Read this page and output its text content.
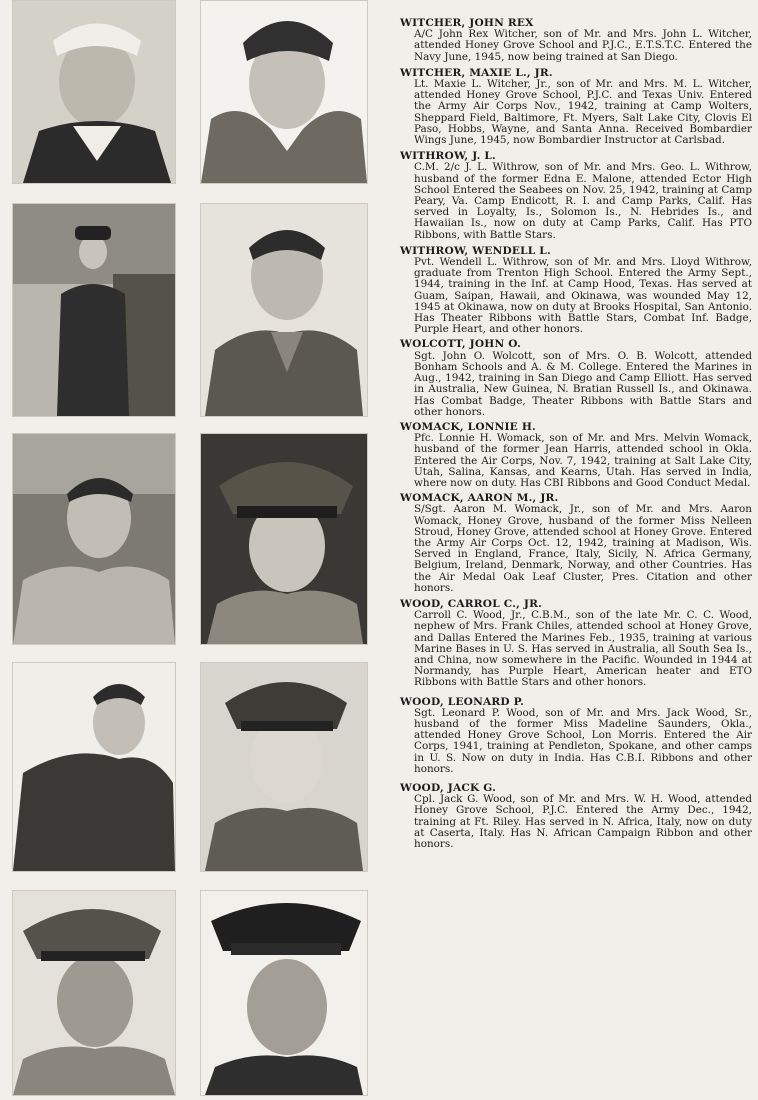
WITCHER, JOHN REX
A/C John Rex Witcher, son of Mr. and Mrs. John L. Witcher, attended Honey Grove School and P.J.C., E.T.S.T.C. Entered the Navy June, 1945, now being trained at San Diego.
WITCHER, MAXIE L., JR.
Lt. Maxie L. Witcher, Jr., son of Mr. and Mrs. M. L. Witcher, attended Honey Grove School, P.J.C. and Texas Univ. Entered the Army Air Corps Nov., 1942, training at Camp Wolters, Sheppard Field, Baltimore, Ft. Myers, Salt Lake City, Clovis El Paso, Hobbs, Wayne, and Santa Anna. Received Bombardier Wings June, 1945, now Bombardier Instructor at Carlsbad.
WITHROW, J. L.
C.M. 2/c J. L. Withrow, son of Mr. and Mrs. Geo. L. Withrow, husband of the former Edna E. Malone, attended Ector High School Entered the Seabees on Nov. 25, 1942, training at Camp Peary, Va. Camp Endicott, R. I. and Camp Parks, Calif. Has served in Loyalty, Is., Solomon Is., N. Hebrides Is., and Hawaiian Is., now on duty at Camp Parks, Calif. Has PTO Ribbons, with Battle Stars.
WITHROW, WENDELL L.
Pvt. Wendell L. Withrow, son of Mr. and Mrs. Lloyd Withrow, graduate from Trenton High School. Entered the Army Sept., 1944, training in the Inf. at Camp Hood, Texas. Has served at Guam, Saipan, Hawaii, and Okinawa, was wounded May 12, 1945 at Okinawa, now on duty at Brooks Hospital, San Antonio. Has Theater Ribbons with Battle Stars, Combat Inf. Badge, Purple Heart, and other honors.
WOLCOTT, JOHN O.
Sgt. John O. Wolcott, son of Mrs. O. B. Wolcott, attended Bonham Schools and A. & M. College. Entered the Marines in Aug., 1942, training in San Diego and Camp Elliott. Has served in Australia, New Guinea, N. Bratian Russell Is., and Okinawa. Has Combat Badge, Theater Ribbons with Battle Stars and other honors.
WOMACK, LONNIE H.
Pfc. Lonnie H. Womack, son of Mr. and Mrs. Melvin Womack, husband of the former Jean Harris, attended school in Okla. Entered the Air Corps, Nov. 7, 1942, training at Salt Lake City, Utah, Salina, Kansas, and Kearns, Utah. Has served in India, where now on duty. Has CBI Ribbons and Good Conduct Medal.
WOMACK, AARON M., JR.
S/Sgt. Aaron M. Womack, Jr., son of Mr. and Mrs. Aaron Womack, Honey Grove, husband of the former Miss Nelleen Stroud, Honey Grove, attended school at Honey Grove. Entered the Army Air Corps Oct. 12, 1942, training at Madison, Wis. Served in England, France, Italy, Sicily, N. Africa Germany, Belgium, Ireland, Denmark, Norway, and other Countries. Has the Air Medal Oak Leaf Cluster, Pres. Citation and other honors.
WOOD, CARROL C., JR.
Carroll C. Wood, Jr., C.B.M., son of the late Mr. C. C. Wood, nephew of Mrs. Frank Chiles, attended school at Honey Grove, and Dallas Entered the Marines Feb., 1935, training at various Marine Bases in U. S. Has served in Australia, all South Sea Is., and China, now somewhere in the Pacific. Wounded in 1944 at Normandy, has Purple Heart, American heater and ETO Ribbons with Battle Stars and other honors.
WOOD, LEONARD P.
Sgt. Leonard P. Wood, son of Mr. and Mrs. Jack Wood, Sr., husband of the former Miss Madeline Saunders, Okla., attended Honey Grove School, Lon Morris. Entered the Air Corps, 1941, training at Pendleton, Spokane, and other camps in U. S. Now on duty in India. Has C.B.I. Ribbons and other honors.
WOOD, JACK G.
Cpl. Jack G. Wood, son of Mr. and Mrs. W. H. Wood, attended Honey Grove School, P.J.C. Entered the Army Dec., 1942, training at Ft. Riley. Has served in N. Africa, Italy, now on duty at Caserta, Italy. Has N. African Campaign Ribbon and other honors.
